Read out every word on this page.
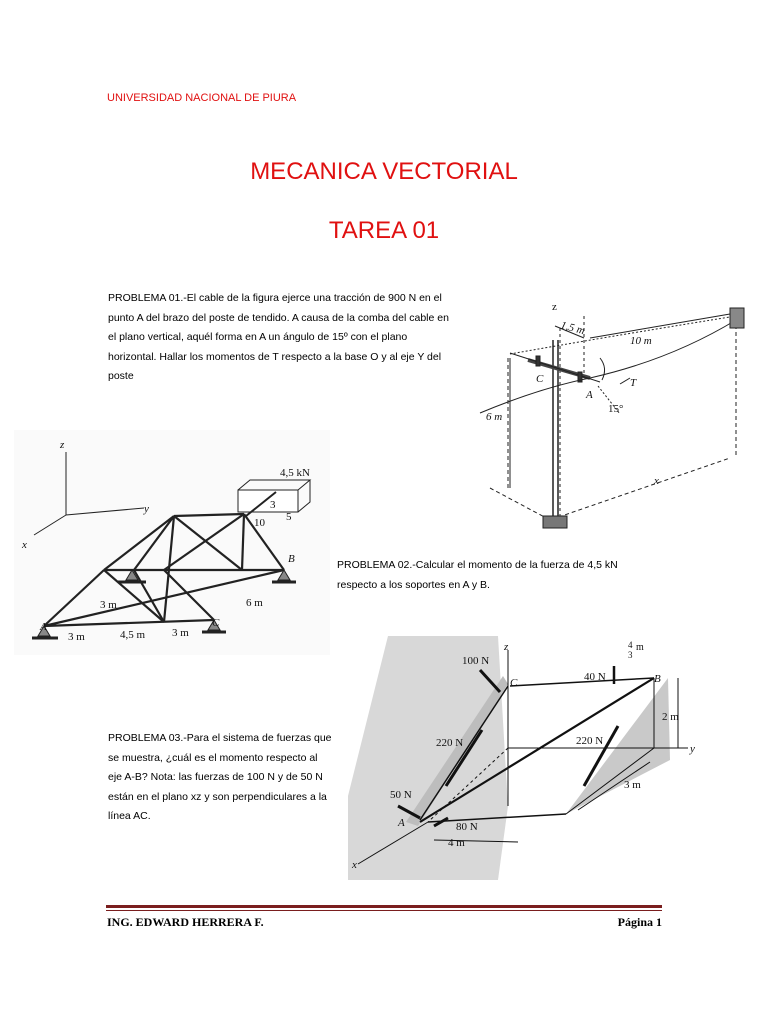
UNIVERSIDAD NACIONAL DE PIURA
MECANICA VECTORIAL
TAREA 01
PROBLEMA 01.-El cable de la figura ejerce una tracción de 900 N en el punto A del brazo del poste de tendido. A causa de la comba del cable en el plano vertical, aquél forma en A un ángulo de 15º con el plano horizontal. Hallar los momentos de T respecto a la base O y al eje Y del poste
z
1,5 m
10 m
C
A
T
15°
6 m
x
z
y
x
4,5 kN
3
10 5
A
B
C
3 m
3 m	4,5 m 3 m
6 m
PROBLEMA 02.-Calcular el momento de la fuerza de 4,5 kN respecto a los soportes en A y B.
PROBLEMA 03.-Para el sistema de fuerzas que se muestra, ¿cuál es el momento respecto al eje A-B? Nota: las fuerzas de 100 N y de 50 N están en el plano xz y son perpendiculares a la línea AC.
100 N
z	4
3
m
40 N	B
C
2 m
220 N	220 N
y
50 N
3 m
A	80 N
4 m
x
ING. EDWARD HERRERA F.	Página 1
